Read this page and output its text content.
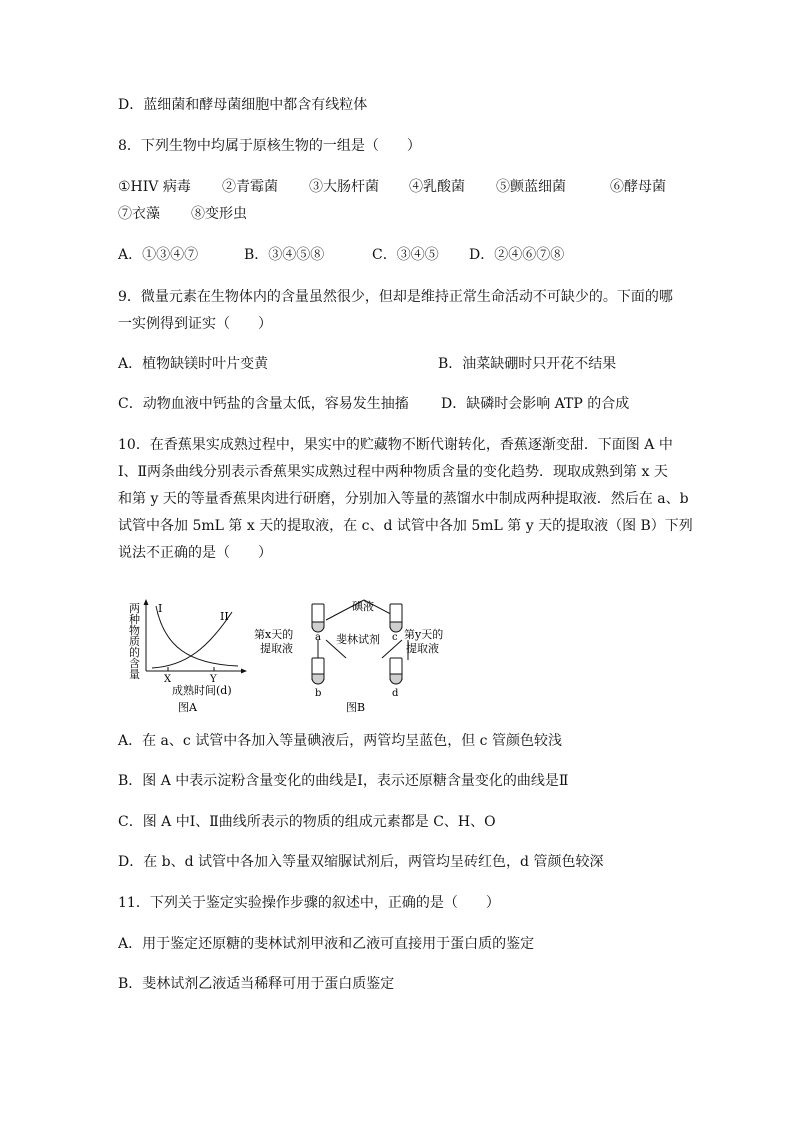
D．蓝细菌和酵母菌细胞中都含有线粒体
8．下列生物中均属于原核生物的一组是（　　）
①HIV 病毒 ②青霉菌 ③大肠杆菌 ④乳酸菌 ⑤颤蓝细菌	⑥酵母菌
⑦衣藻 ⑧变形虫
A．①③④⑦	B．③④⑤⑧	C．③④⑤ D．②④⑥⑦⑧
9．微量元素在生物体内的含量虽然很少，但却是维持正常生命活动不可缺少的。下面的哪
一实例得到证实（　　）
A．植物缺镁时叶片变黄	B．油菜缺硼时只开花不结果
C．动物血液中钙盐的含量太低，容易发生抽搐 D．缺磷时会影响 ATP 的合成
10．在香蕉果实成熟过程中，果实中的贮藏物不断代谢转化，香蕉逐渐变甜．下面图 A 中
Ⅰ、Ⅱ两条曲线分别表示香蕉果实成熟过程中两种物质含量的变化趋势．现取成熟到第 x 天
和第 y 天的等量香蕉果肉进行研磨，分别加入等量的蒸馏水中制成两种提取液．然后在 a、b
试管中各加 5mL 第 x 天的提取液，在 c、d 试管中各加 5mL 第 y 天的提取液（图 B）下列
说法不正确的是（　　）
两
种
物
质
的
含
量
I
II
X	Y
成熟时间(d)
图A
碘液
斐林试剂
a	c
b	d
第x天的
提取液
第y天的
提取液
图B
A．在 a、c 试管中各加入等量碘液后，两管均呈蓝色，但 c 管颜色较浅
B．图 A 中表示淀粉含量变化的曲线是Ⅰ，表示还原糖含量变化的曲线是Ⅱ
C．图 A 中Ⅰ、Ⅱ曲线所表示的物质的组成元素都是 C、H、O
D．在 b、d 试管中各加入等量双缩脲试剂后，两管均呈砖红色，d 管颜色较深
11．下列关于鉴定实验操作步骤的叙述中，正确的是（　　）
A．用于鉴定还原糖的斐林试剂甲液和乙液可直接用于蛋白质的鉴定
B．斐林试剂乙液适当稀释可用于蛋白质鉴定
